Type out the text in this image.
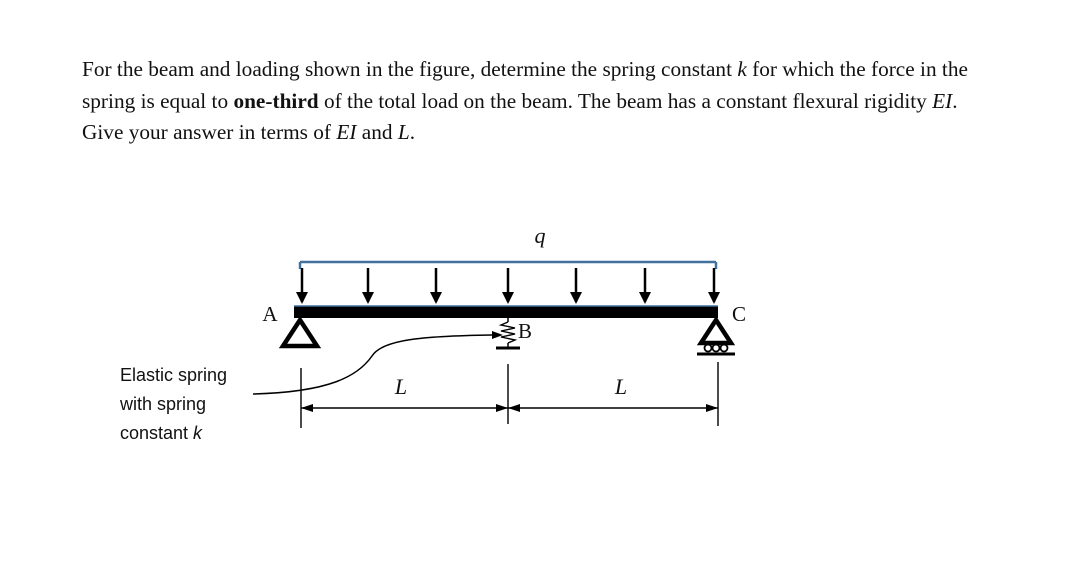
For the beam and loading shown in the figure, determine the spring constant k for which the force in the spring is equal to one-third of the total load on the beam. The beam has a constant flexural rigidity EI. Give your answer in terms of EI and L.

q
A	C
B
L	L
Elastic spring
with spring
constant k
